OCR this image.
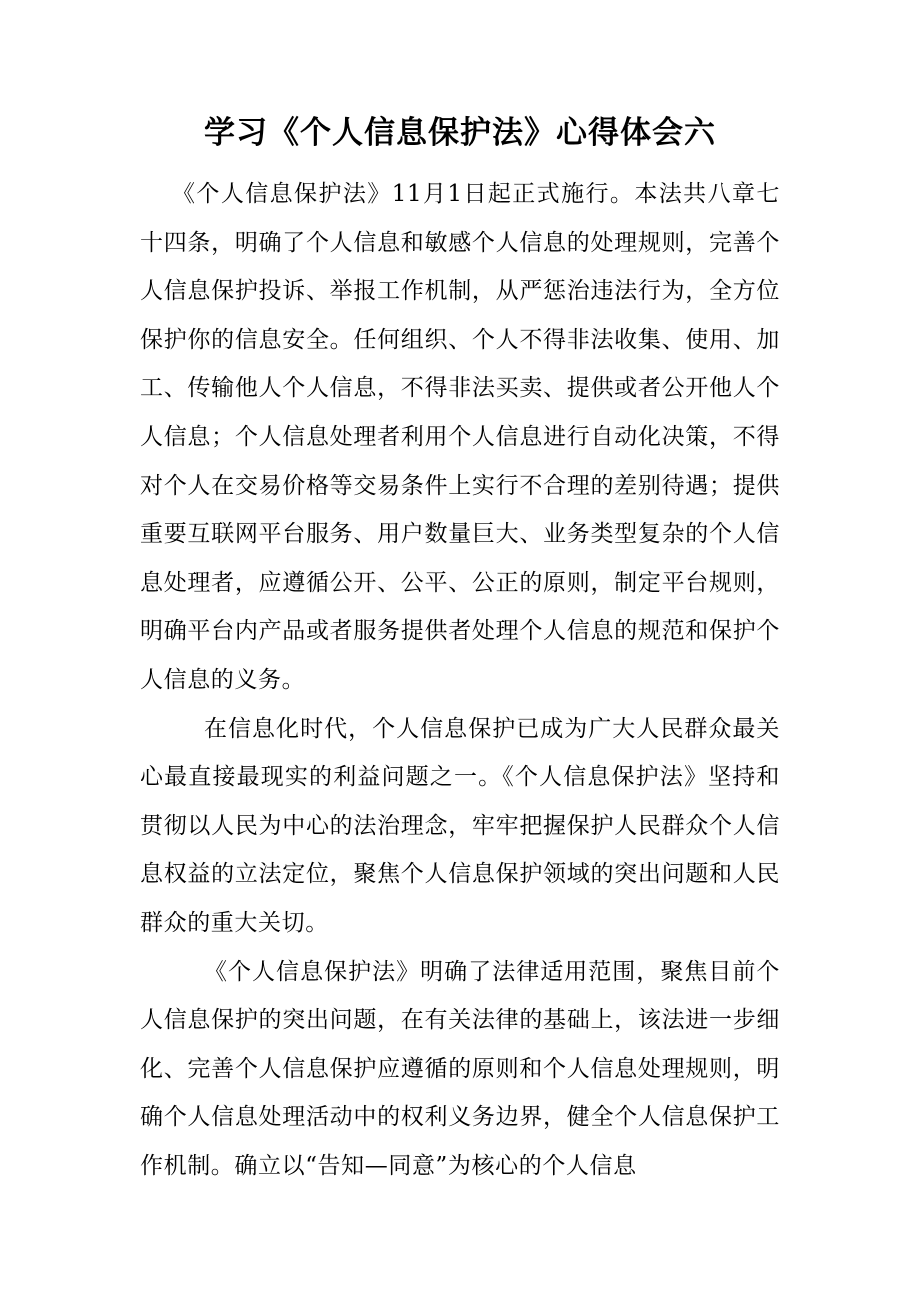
学习《个人信息保护法》心得体会六

《个人信息保护法》11月1日起正式施行。本法共八章七十四条，明确了个人信息和敏感个人信息的处理规则，完善个人信息保护投诉、举报工作机制，从严惩治违法行为，全方位保护你的信息安全。任何组织、个人不得非法收集、使用、加工、传输他人个人信息，不得非法买卖、提供或者公开他人个人信息；个人信息处理者利用个人信息进行自动化决策，不得对个人在交易价格等交易条件上实行不合理的差别待遇；提供重要互联网平台服务、用户数量巨大、业务类型复杂的个人信息处理者，应遵循公开、公平、公正的原则，制定平台规则，明确平台内产品或者服务提供者处理个人信息的规范和保护个人信息的义务。

在信息化时代，个人信息保护已成为广大人民群众最关心最直接最现实的利益问题之一。《个人信息保护法》坚持和贯彻以人民为中心的法治理念，牢牢把握保护人民群众个人信息权益的立法定位，聚焦个人信息保护领域的突出问题和人民群众的重大关切。

《个人信息保护法》明确了法律适用范围，聚焦目前个人信息保护的突出问题，在有关法律的基础上，该法进一步细化、完善个人信息保护应遵循的原则和个人信息处理规则，明确个人信息处理活动中的权利义务边界，健全个人信息保护工作机制。确立以“告知—同意”为核心的个人信息
